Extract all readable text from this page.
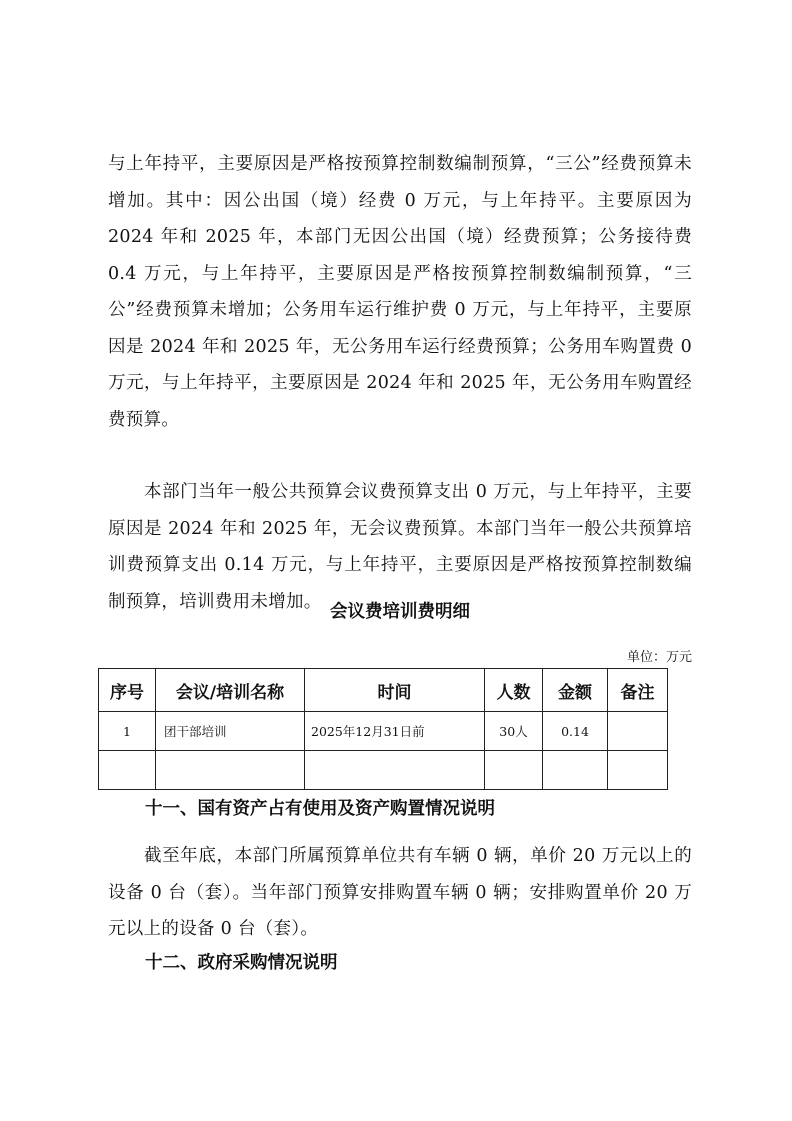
与上年持平，主要原因是严格按预算控制数编制预算，“三公”经费预算未增加。其中：因公出国（境）经费 0 万元，与上年持平。主要原因为 2024 年和 2025 年，本部门无因公出国（境）经费预算；公务接待费 0.4 万元，与上年持平，主要原因是严格按预算控制数编制预算，“三公”经费预算未增加；公务用车运行维护费 0 万元，与上年持平，主要原因是 2024 年和 2025 年，无公务用车运行经费预算；公务用车购置费 0 万元，与上年持平，主要原因是 2024 年和 2025 年，无公务用车购置经费预算。

本部门当年一般公共预算会议费预算支出 0 万元，与上年持平，主要原因是 2024 年和 2025 年，无会议费预算。本部门当年一般公共预算培训费预算支出 0.14 万元，与上年持平，主要原因是严格按预算控制数编制预算，培训费用未增加。

会议费培训费明细

单位：万元

序号	会议/培训名称	时间	人数	金额	备注
1	团干部培训	2025年12月31日前	30人	0.14	

十一、国有资产占有使用及资产购置情况说明

截至年底，本部门所属预算单位共有车辆 0 辆，单价 20 万元以上的设备 0 台（套）。当年部门预算安排购置车辆 0 辆；安排购置单价 20 万元以上的设备 0 台（套）。

十二、政府采购情况说明
